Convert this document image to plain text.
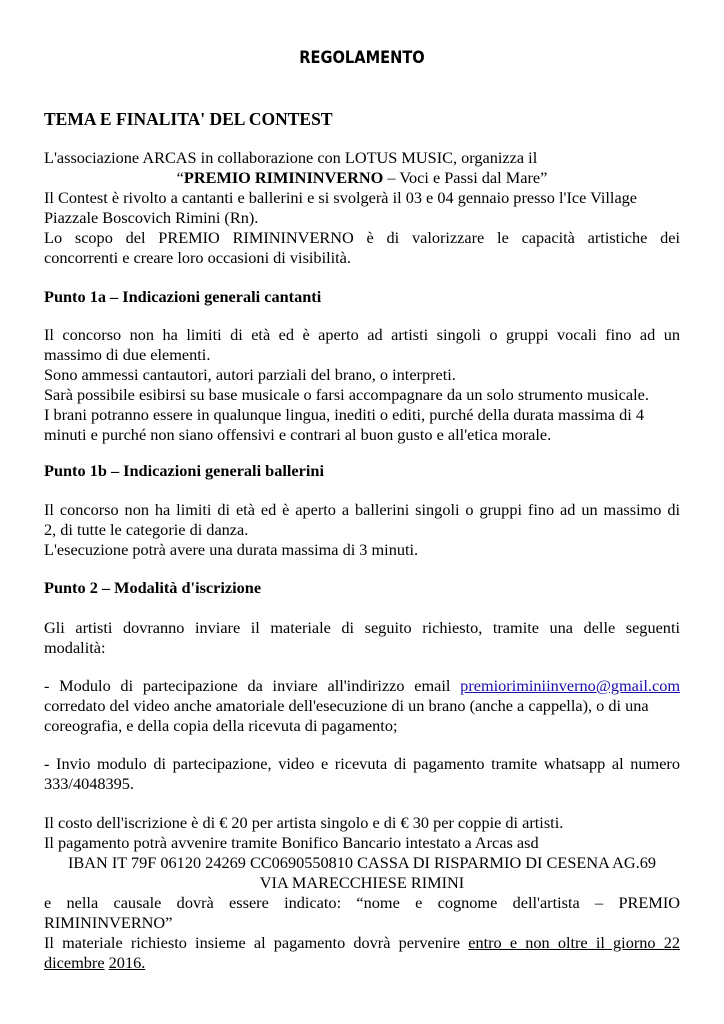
REGOLAMENTO
TEMA E FINALITA' DEL CONTEST
L'associazione ARCAS in collaborazione con LOTUS MUSIC, organizza il
“PREMIO RIMININVERNO – Voci e Passi dal Mare”
Il Contest è rivolto a cantanti e ballerini e si svolgerà il 03 e 04 gennaio presso l'Ice Village
Piazzale Boscovich Rimini (Rn).
Lo scopo del PREMIO RIMININVERNO è di valorizzare le capacità artistiche dei
concorrenti e creare loro occasioni di visibilità.
Punto 1a – Indicazioni generali cantanti
Il concorso non ha limiti di età ed è aperto ad artisti singoli o gruppi vocali fino ad un
massimo di due elementi.
Sono ammessi cantautori, autori parziali del brano, o interpreti.
Sarà possibile esibirsi su base musicale o farsi accompagnare da un solo strumento musicale.
I brani potranno essere in qualunque lingua, inediti o editi, purché della durata massima di 4
minuti e purché non siano offensivi e contrari al buon gusto e all'etica morale.
Punto 1b – Indicazioni generali ballerini
Il concorso non ha limiti di età ed è aperto a ballerini singoli o gruppi fino ad un massimo di
2, di tutte le categorie di danza.
L'esecuzione potrà avere una durata massima di 3 minuti.
Punto 2 – Modalità d'iscrizione
Gli artisti dovranno inviare il materiale di seguito richiesto, tramite una delle seguenti
modalità:
- Modulo di partecipazione da inviare all'indirizzo email premioriminiinverno@gmail.com
corredato del video anche amatoriale dell'esecuzione di un brano (anche a cappella), o di una
coreografia, e della copia della ricevuta di pagamento;
- Invio modulo di partecipazione, video e ricevuta di pagamento tramite whatsapp al numero
333/4048395.
Il costo dell'iscrizione è di € 20 per artista singolo e di € 30 per coppie di artisti.
Il pagamento potrà avvenire tramite Bonifico Bancario intestato a Arcas asd
IBAN IT 79F 06120 24269 CC0690550810 CASSA DI RISPARMIO DI CESENA AG.69
VIA MARECCHIESE RIMINI
e nella causale dovrà essere indicato: “nome e cognome dell'artista – PREMIO
RIMININVERNO”
Il materiale richiesto insieme al pagamento dovrà pervenire entro e non oltre il giorno 22
dicembre 2016.
